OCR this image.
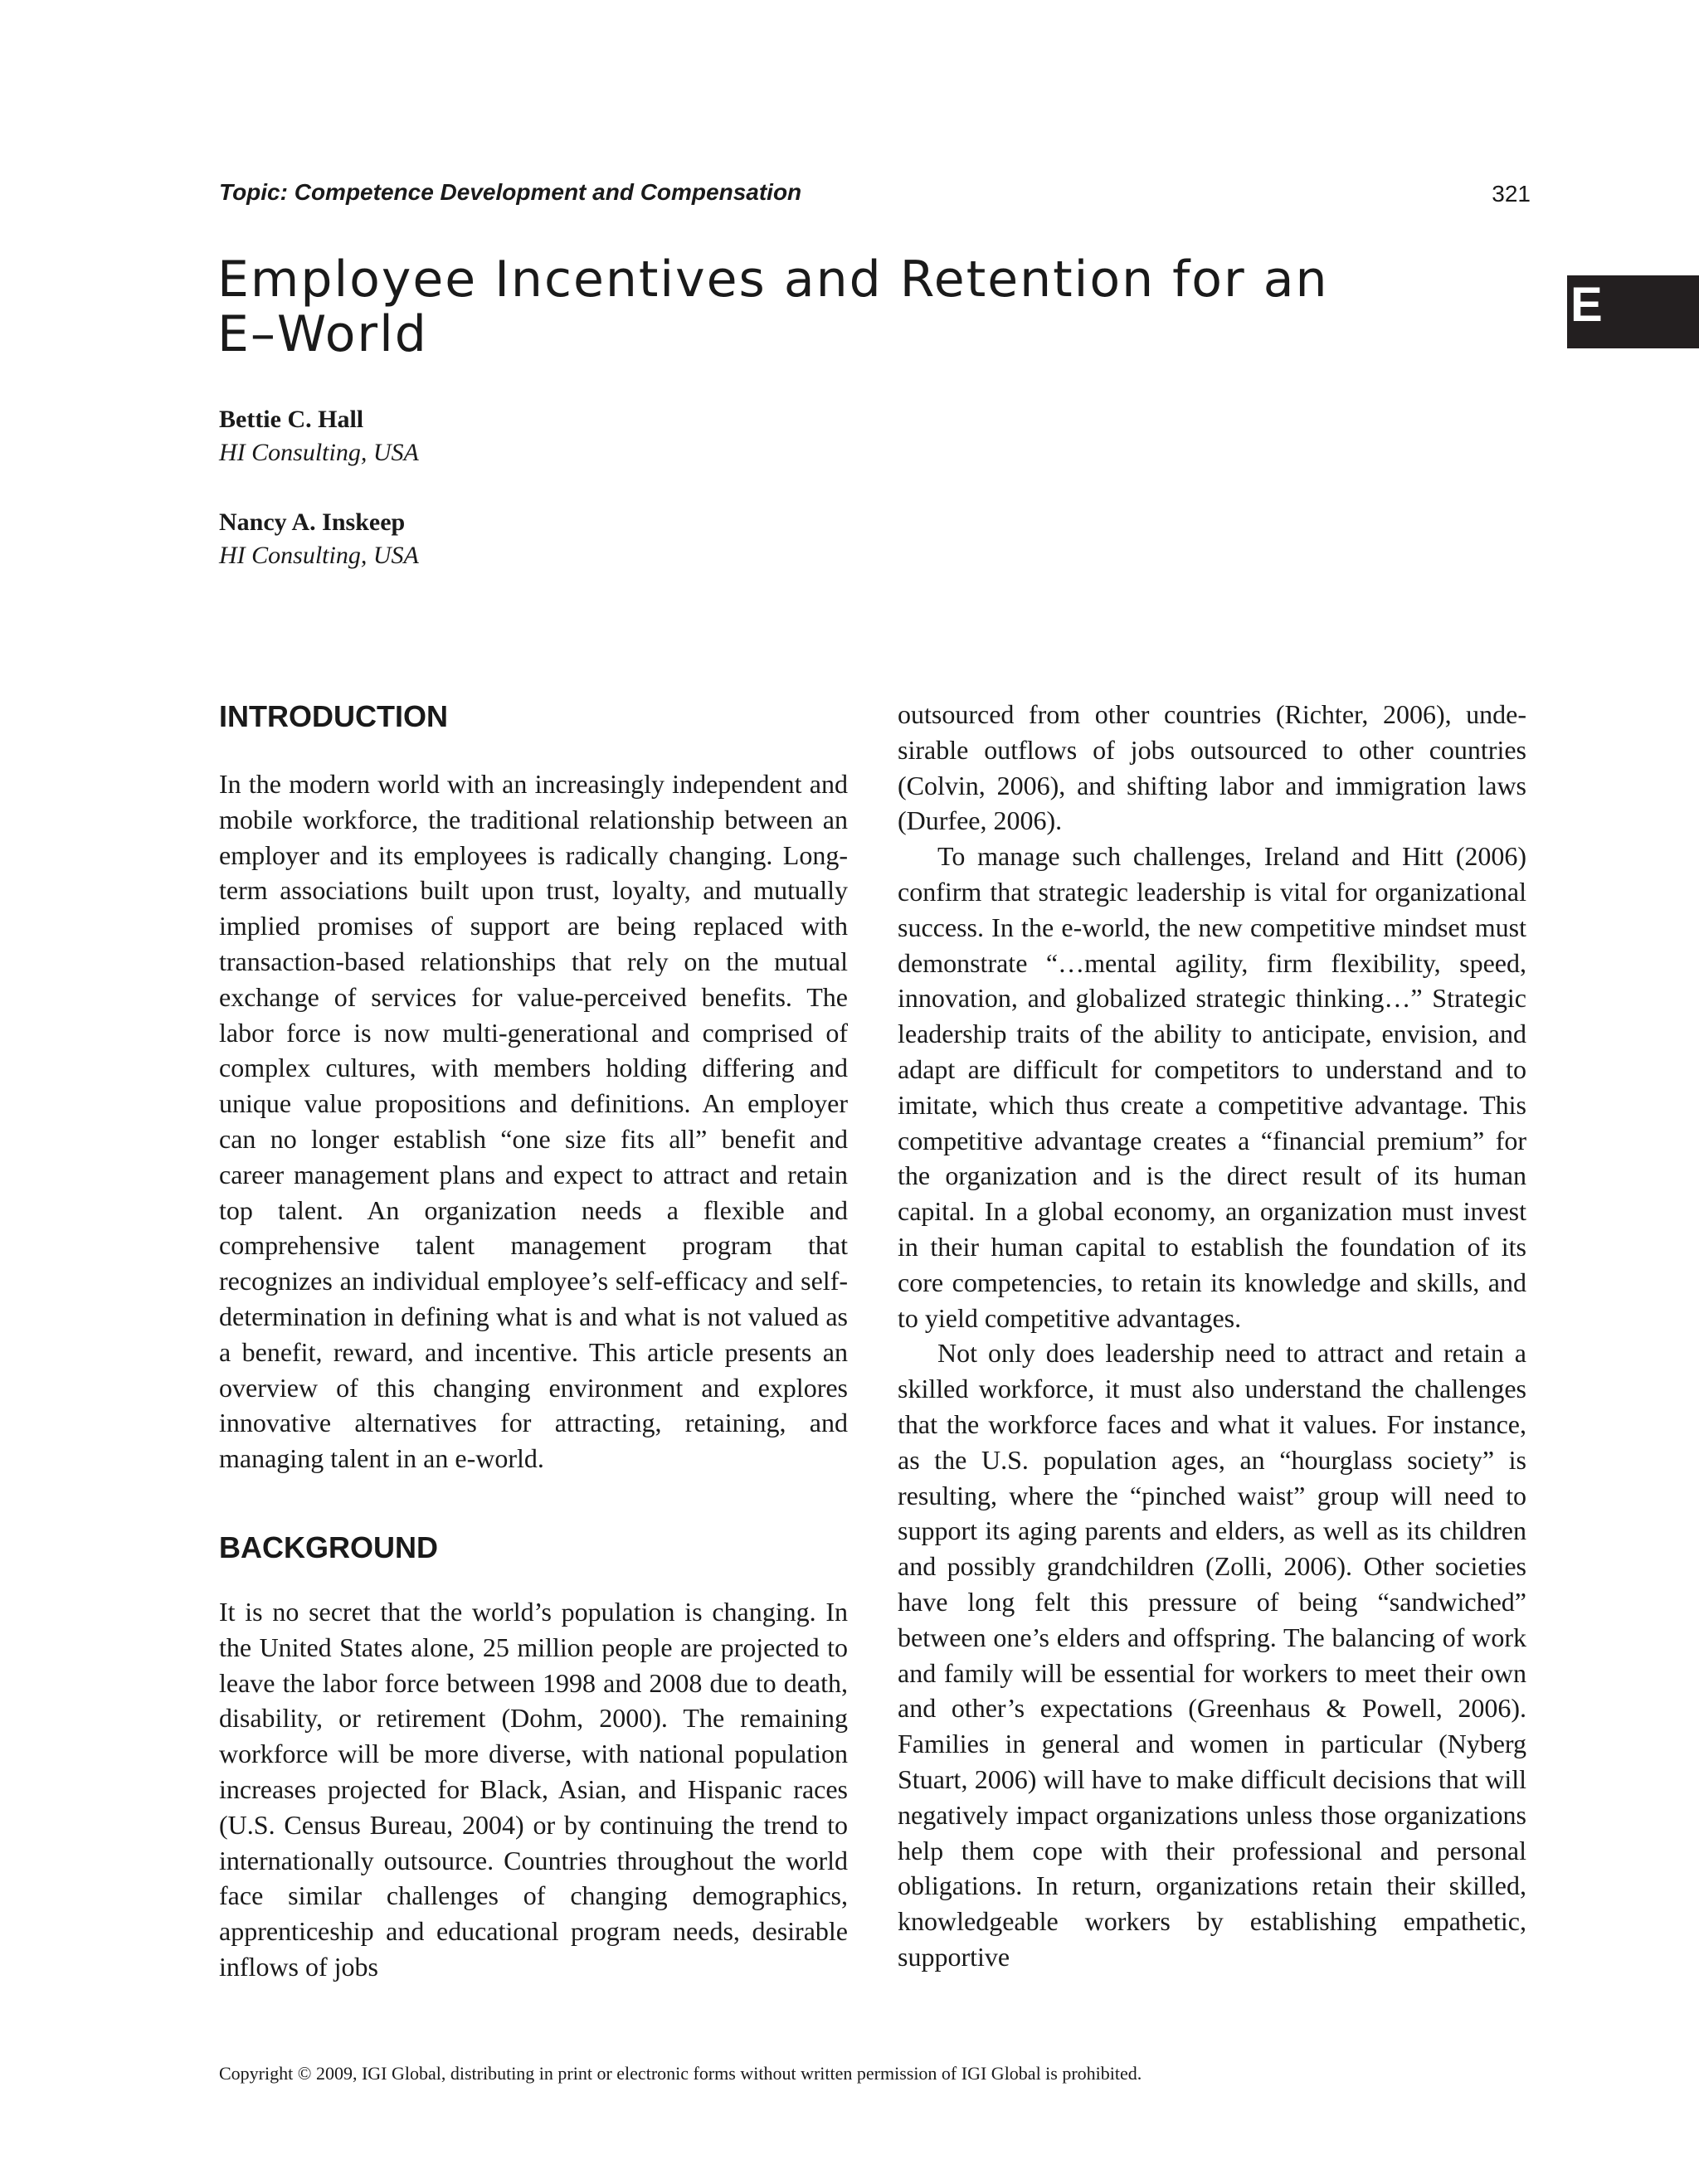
Topic: Competence Development and Compensation	321
E
Employee Incentives and Retention for an E–World
Bettie C. Hall
HI Consulting, USA
Nancy A. Inskeep
HI Consulting, USA
INTRODUCTION

In the modern world with an increasingly independent and mobile workforce, the traditional relationship between an employer and its employees is radically changing. Long-term associations built upon trust, loyalty, and mutually implied promises of support are being replaced with transaction-based relationships that rely on the mutual exchange of services for value-perceived benefits. The labor force is now multi-generational and comprised of complex cultures, with members holding differing and unique value propositions and definitions. An employer can no longer establish “one size fits all” benefit and career management plans and expect to attract and retain top talent. An organization needs a flexible and comprehensive talent management program that recognizes an individual employee’s self-efficacy and self-determination in defining what is and what is not valued as a benefit, reward, and incentive. This article presents an overview of this changing environment and explores innovative alternatives for attracting, retaining, and managing talent in an e-world.

BACKGROUND

It is no secret that the world’s population is changing. In the United States alone, 25 million people are projected to leave the labor force between 1998 and 2008 due to death, disability, or retirement (Dohm, 2000). The remaining workforce will be more diverse, with national population increases projected for Black, Asian, and Hispanic races (U.S. Census Bureau, 2004) or by continuing the trend to internationally outsource. Countries throughout the world face similar challenges of changing demographics, apprenticeship and educational program needs, desirable inflows of jobs

outsourced from other countries (Richter, 2006), undesirable outflows of jobs outsourced to other countries (Colvin, 2006), and shifting labor and immigration laws (Durfee, 2006).

To manage such challenges, Ireland and Hitt (2006) confirm that strategic leadership is vital for organizational success. In the e-world, the new competitive mindset must demonstrate “…mental agility, firm flexibility, speed, innovation, and globalized strategic thinking…” Strategic leadership traits of the ability to anticipate, envision, and adapt are difficult for competitors to understand and to imitate, which thus create a competitive advantage. This competitive advantage creates a “financial premium” for the organization and is the direct result of its human capital. In a global economy, an organization must invest in their human capital to establish the foundation of its core competencies, to retain its knowledge and skills, and to yield competitive advantages.

Not only does leadership need to attract and retain a skilled workforce, it must also understand the challenges that the workforce faces and what it values. For instance, as the U.S. population ages, an “hourglass society” is resulting, where the “pinched waist” group will need to support its aging parents and elders, as well as its children and possibly grandchildren (Zolli, 2006). Other societies have long felt this pressure of being “sandwiched” between one’s elders and offspring. The balancing of work and family will be essential for workers to meet their own and other’s expectations (Greenhaus & Powell, 2006). Families in general and women in particular (Nyberg Stuart, 2006) will have to make difficult decisions that will negatively impact organizations unless those organizations help them cope with their professional and personal obligations. In return, organizations retain their skilled, knowledgeable workers by establishing empathetic, supportive

Copyright © 2009, IGI Global, distributing in print or electronic forms without written permission of IGI Global is prohibited.
